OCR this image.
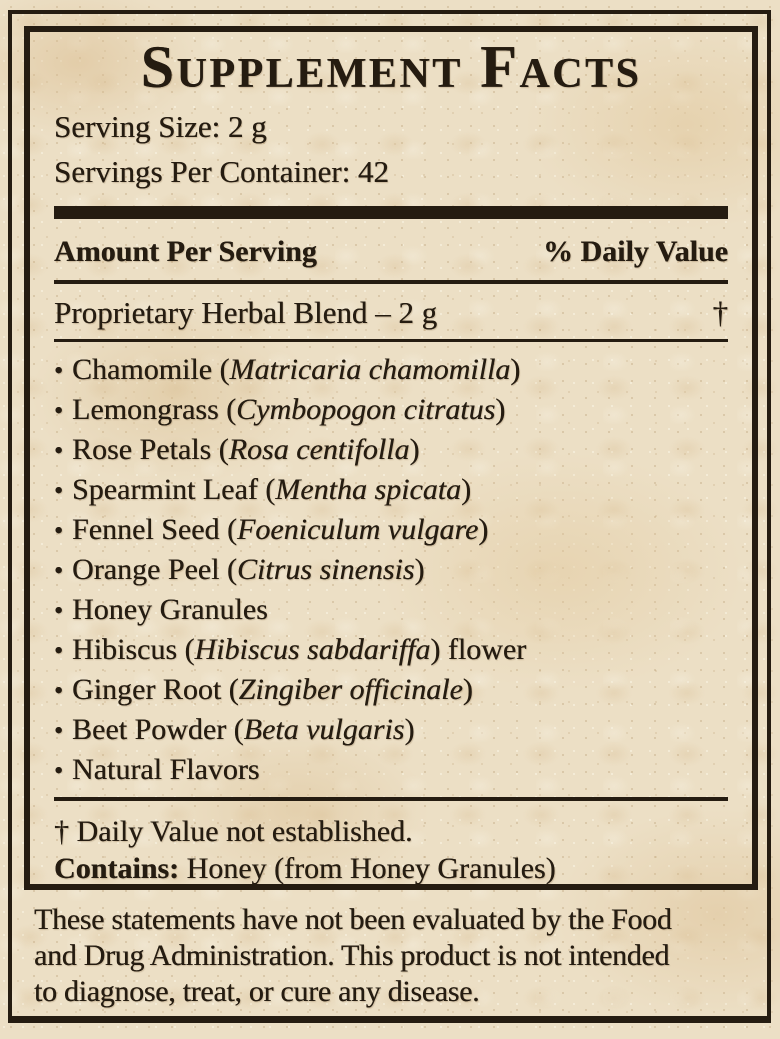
Supplement Facts
Serving Size: 2 g
Servings Per Container: 42
Amount Per Serving	% Daily Value
Proprietary Herbal Blend – 2 g	†
• Chamomile (Matricaria chamomilla)
• Lemongrass (Cymbopogon citratus)
• Rose Petals (Rosa centifolla)
• Spearmint Leaf (Mentha spicata)
• Fennel Seed (Foeniculum vulgare)
• Orange Peel (Citrus sinensis)
• Honey Granules
• Hibiscus (Hibiscus sabdariffa) flower
• Ginger Root (Zingiber officinale)
• Beet Powder (Beta vulgaris)
• Natural Flavors
† Daily Value not established.
Contains: Honey (from Honey Granules)
These statements have not been evaluated by the Food
and Drug Administration. This product is not intended
to diagnose, treat, or cure any disease.
